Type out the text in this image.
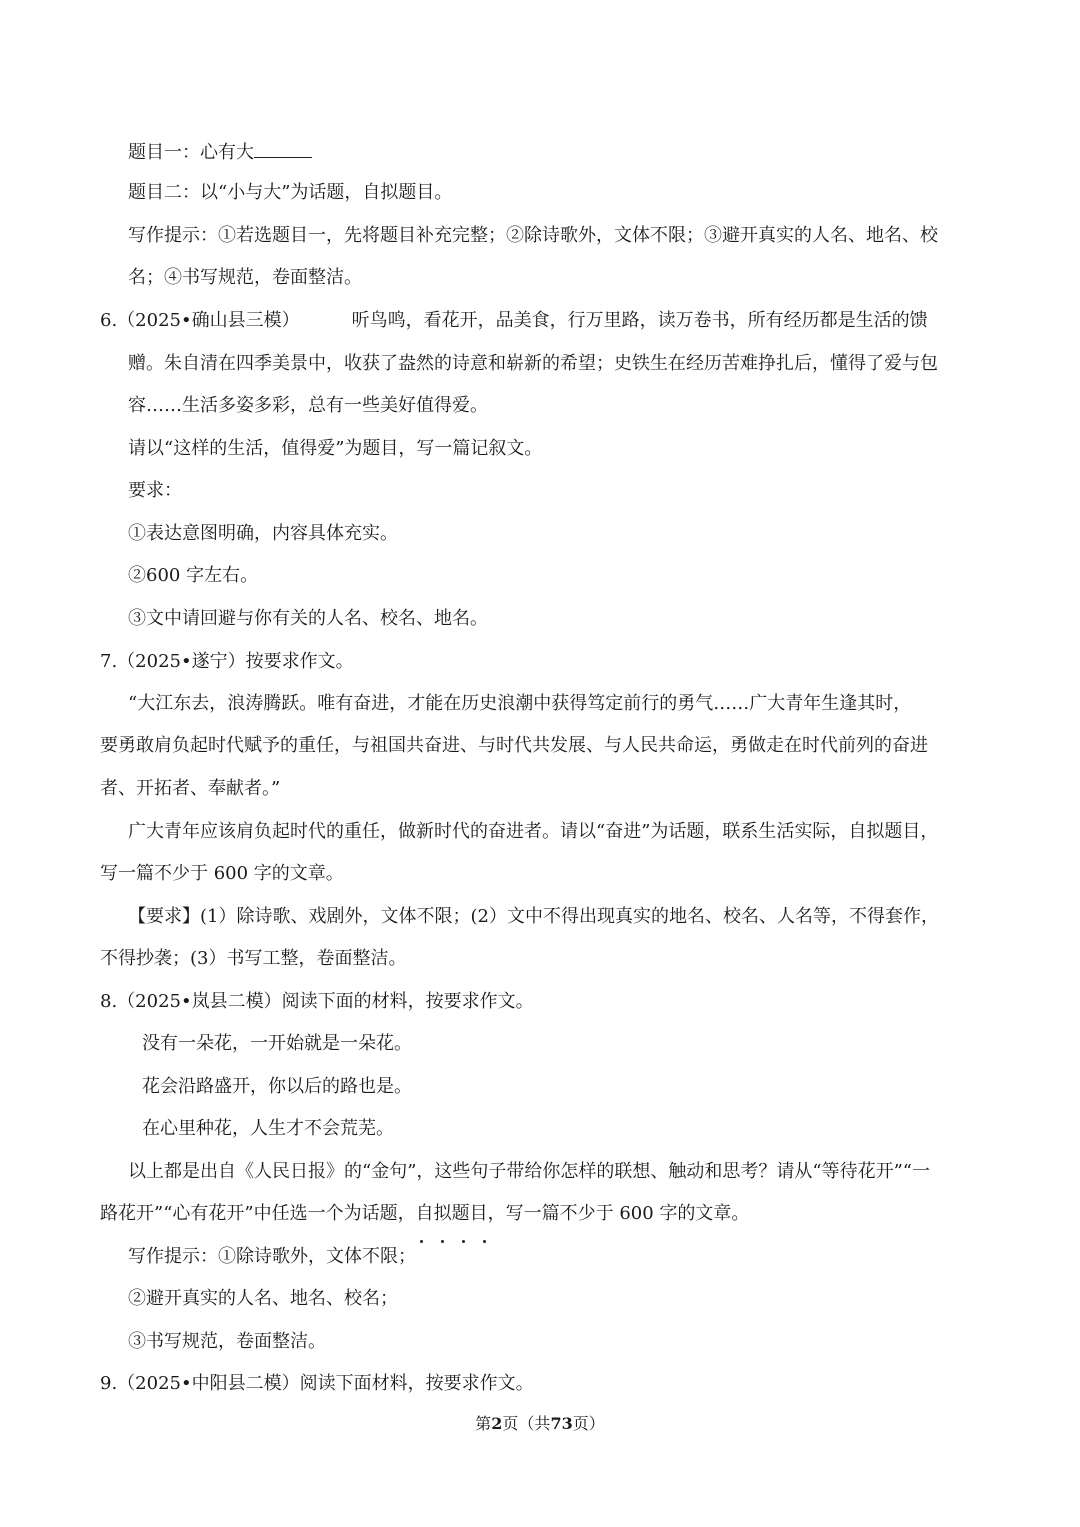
题目一：心有大
题目二：以“小与大”为话题，自拟题目。
写作提示：①若选题目一，先将题目补充完整；②除诗歌外，文体不限；③避开真实的人名、地名、校
名；④书写规范，卷面整洁。
6.（2025•确山县三模）	听鸟鸣，看花开，品美食，行万里路，读万卷书，所有经历都是生活的馈
赠。朱自清在四季美景中，收获了盎然的诗意和崭新的希望；史铁生在经历苦难挣扎后，懂得了爱与包
容……生活多姿多彩，总有一些美好值得爱。
请以“这样的生活，值得爱”为题目，写一篇记叙文。
要求：
①表达意图明确，内容具体充实。
②600 字左右。
③文中请回避与你有关的人名、校名、地名。
7.（2025•遂宁）按要求作文。
“大江东去，浪涛腾跃。唯有奋进，才能在历史浪潮中获得笃定前行的勇气……广大青年生逢其时，
要勇敢肩负起时代赋予的重任，与祖国共奋进、与时代共发展、与人民共命运，勇做走在时代前列的奋进
者、开拓者、奉献者。”
广大青年应该肩负起时代的重任，做新时代的奋进者。请以“奋进”为话题，联系生活实际，自拟题目，
写一篇不少于 600 字的文章。
【要求】(1）除诗歌、戏剧外，文体不限；(2）文中不得出现真实的地名、校名、人名等，不得套作，
不得抄袭；(3）书写工整，卷面整洁。
8.（2025•岚县二模）阅读下面的材料，按要求作文。
没有一朵花，一开始就是一朵花。
花会沿路盛开，你以后的路也是。
在心里种花，人生才不会荒芜。
以上都是出自《人民日报》的“金句”，这些句子带给你怎样的联想、触动和思考？请从“等待花开”“一
路花开”“心有花开”中任选一个为话题，自拟题目，写一篇不少于 600 字的文章。
写作提示：①除诗歌外，文体不限；
②避开真实的人名、地名、校名；
③书写规范，卷面整洁。
9.（2025•中阳县二模）阅读下面材料，按要求作文。
第2页（共73页）
